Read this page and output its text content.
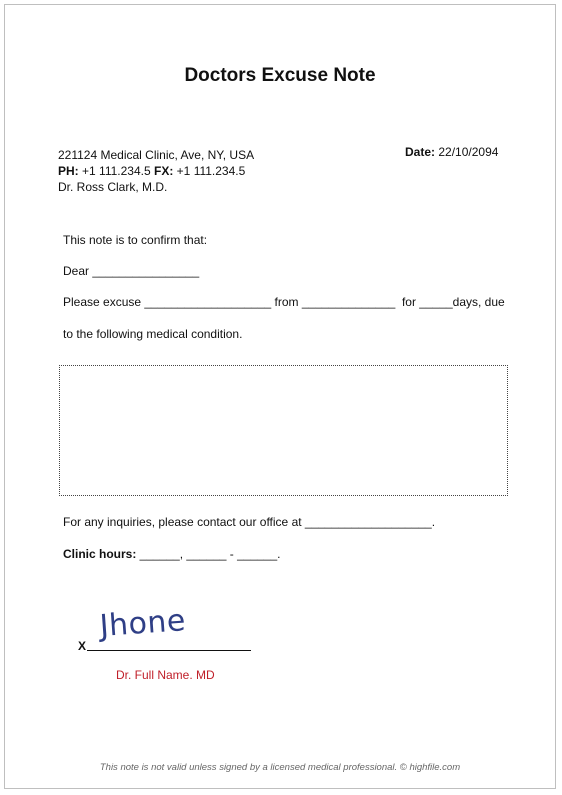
Doctors Excuse Note
221124 Medical Clinic, Ave, NY, USA
PH: +1 111.234.5 FX: +1 111.234.5
Dr. Ross Clark, M.D.
Date: 22/10/2094
This note is to confirm that:
Dear ________________
Please excuse ___________________ from ______________  for _____days, due
to the following medical condition.
For any inquiries, please contact our office at ___________________.
Clinic hours: ______, ______ - ______.
Jhone
X
Dr. Full Name. MD
This note is not valid unless signed by a licensed medical professional. © highfile.com
